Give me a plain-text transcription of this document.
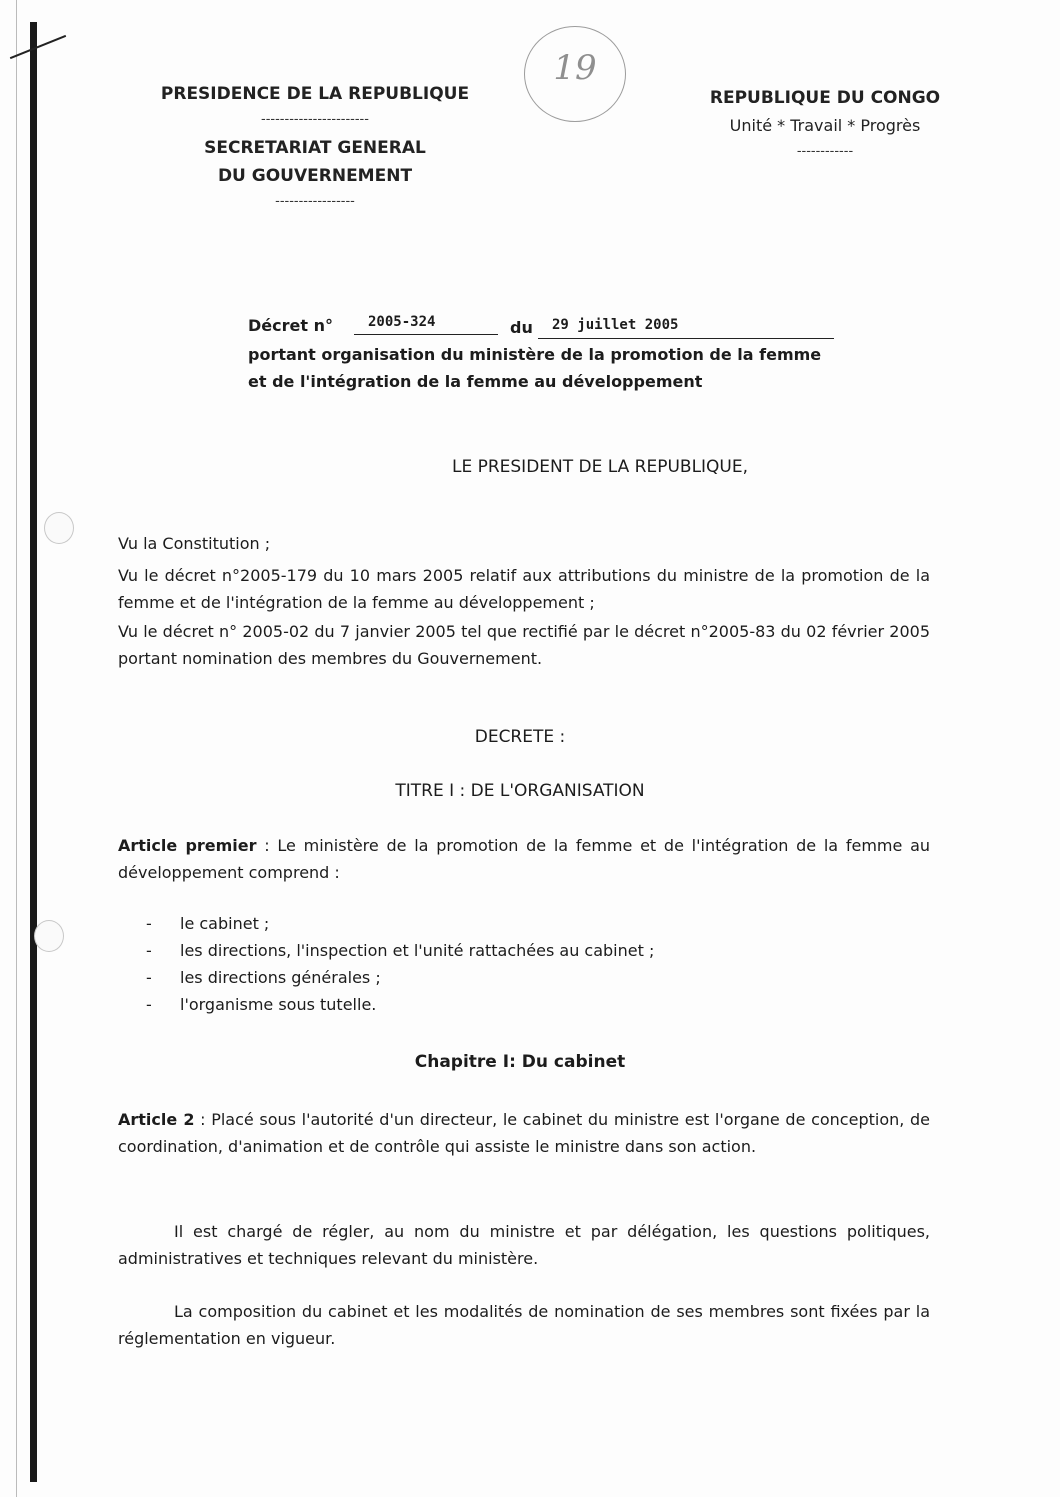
PRESIDENCE DE LA REPUBLIQUE
-----------------------
SECRETARIAT GENERAL
DU GOUVERNEMENT
-----------------
19
REPUBLIQUE DU CONGO
Unité * Travail * Progrès
------------
Décret n°	2005-324	du 29 juillet 2005
portant organisation du ministère de la promotion de la femme
et de l'intégration de la femme au développement
LE PRESIDENT DE LA REPUBLIQUE,
Vu la Constitution ;
Vu le décret n°2005-179 du 10 mars 2005 relatif aux attributions du ministre de la promotion de la femme et de l'intégration de la femme au développement ;
Vu le décret n° 2005-02 du 7 janvier 2005 tel que rectifié par le décret n°2005-83 du 02 février 2005 portant nomination des membres du Gouvernement.
DECRETE :
TITRE I : DE L'ORGANISATION
Article premier : Le ministère de la promotion de la femme et de l'intégration de la femme au développement comprend :
- le cabinet ;
- les directions, l'inspection et l'unité rattachées au cabinet ;
- les directions générales ;
- l'organisme sous tutelle.
Chapitre I: Du cabinet
Article 2 : Placé sous l'autorité d'un directeur, le cabinet du ministre est l'organe de conception, de coordination, d'animation et de contrôle qui assiste le ministre dans son action.
Il est chargé de régler, au nom du ministre et par délégation, les questions politiques, administratives et techniques relevant du ministère.
La composition du cabinet et les modalités de nomination de ses membres sont fixées par la réglementation en vigueur.
